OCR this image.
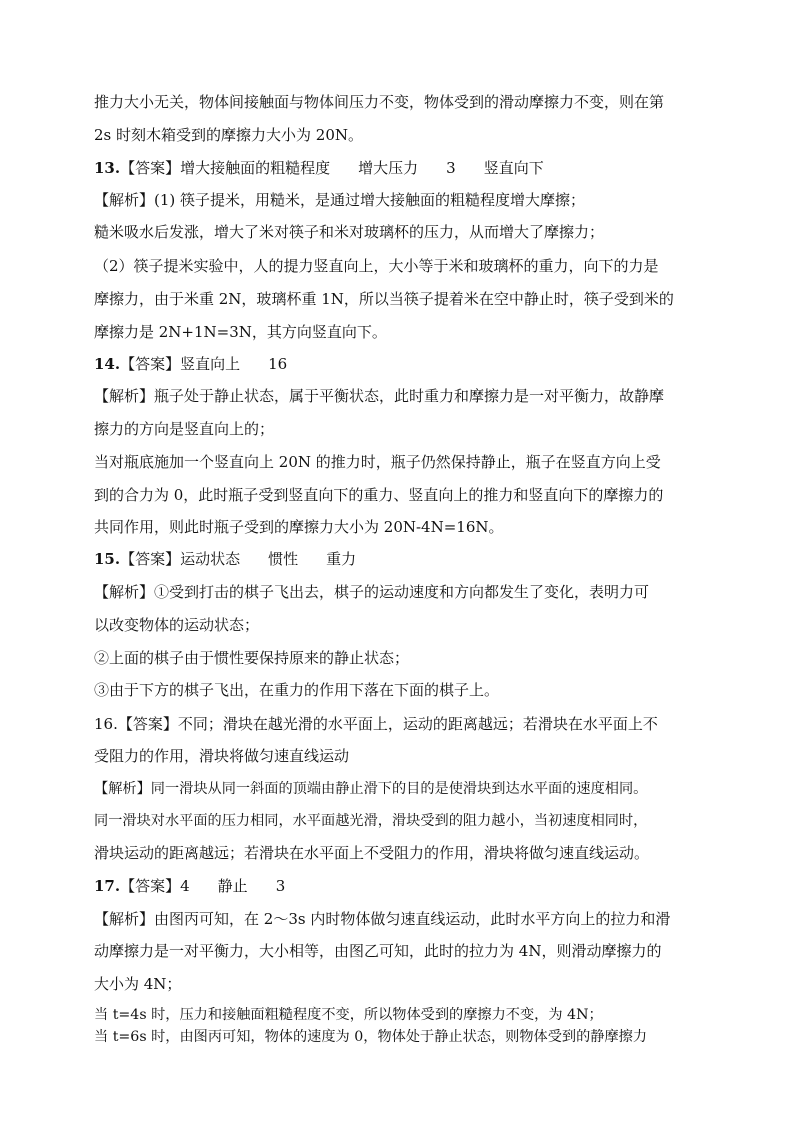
推力大小无关，物体间接触面与物体间压力不变，物体受到的滑动摩擦力不变，则在第
2s 时刻木箱受到的摩擦力大小为 20N。
13.【答案】增大接触面的粗糙程度 增大压力 3 竖直向下
【解析】(1) 筷子提米，用糙米，是通过增大接触面的粗糙程度增大摩擦；
糙米吸水后发涨，增大了米对筷子和米对玻璃杯的压力，从而增大了摩擦力；
（2）筷子提米实验中，人的提力竖直向上，大小等于米和玻璃杯的重力，向下的力是
摩擦力，由于米重 2N，玻璃杯重 1N，所以当筷子提着米在空中静止时，筷子受到米的
摩擦力是 2N+1N=3N，其方向竖直向下。
14.【答案】竖直向上 16
【解析】瓶子处于静止状态，属于平衡状态，此时重力和摩擦力是一对平衡力，故静摩
擦力的方向是竖直向上的；
当对瓶底施加一个竖直向上 20N 的推力时，瓶子仍然保持静止，瓶子在竖直方向上受
到的合力为 0，此时瓶子受到竖直向下的重力、竖直向上的推力和竖直向下的摩擦力的
共同作用，则此时瓶子受到的摩擦力大小为 20N-4N=16N。
15.【答案】运动状态 惯性 重力
【解析】①受到打击的棋子飞出去，棋子的运动速度和方向都发生了变化，表明力可
以改变物体的运动状态；
②上面的棋子由于惯性要保持原来的静止状态；
③由于下方的棋子飞出，在重力的作用下落在下面的棋子上。
16.【答案】不同；滑块在越光滑的水平面上，运动的距离越远；若滑块在水平面上不
受阻力的作用，滑块将做匀速直线运动
【解析】同一滑块从同一斜面的顶端由静止滑下的目的是使滑块到达水平面的速度相同。
同一滑块对水平面的压力相同，水平面越光滑，滑块受到的阻力越小，当初速度相同时，
滑块运动的距离越远；若滑块在水平面上不受阻力的作用，滑块将做匀速直线运动。
17.【答案】4 静止 3
【解析】由图丙可知，在 2～3s 内时物体做匀速直线运动，此时水平方向上的拉力和滑
动摩擦力是一对平衡力，大小相等，由图乙可知，此时的拉力为 4N，则滑动摩擦力的
大小为 4N；
当 t=4s 时，压力和接触面粗糙程度不变，所以物体受到的摩擦力不变，为 4N；
当 t=6s 时，由图丙可知，物体的速度为 0，物体处于静止状态，则物体受到的静摩擦力
